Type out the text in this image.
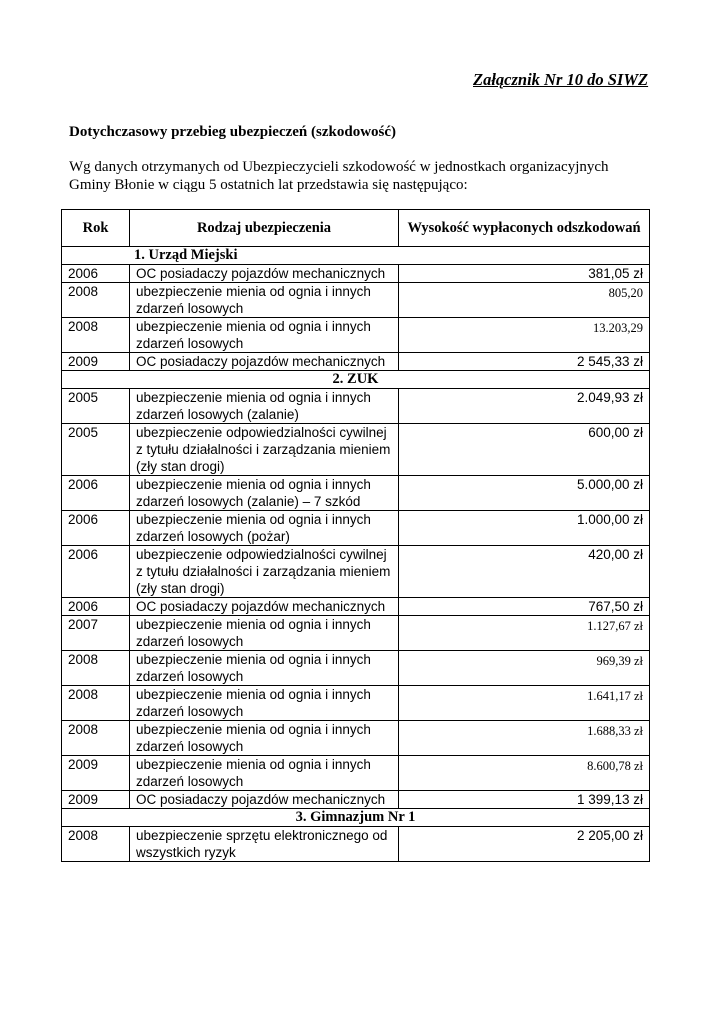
Załącznik Nr 10 do SIWZ
Dotychczasowy przebieg ubezpieczeń (szkodowość)
Wg danych otrzymanych od Ubezpieczycieli szkodowość w jednostkach organizacyjnych
Gminy Błonie w ciągu 5 ostatnich lat przedstawia się następująco:
Rok	Rodzaj ubezpieczenia	Wysokość wypłaconych odszkodowań
1. Urząd Miejski		
2006	OC posiadaczy pojazdów mechanicznych	381,05 zł
2008	ubezpieczenie mienia od ognia i innych zdarzeń losowych	805,20
2008	ubezpieczenie mienia od ognia i innych zdarzeń losowych	13.203,29
2009	OC posiadaczy pojazdów mechanicznych	2 545,33 zł
2. ZUK		
2005	ubezpieczenie mienia od ognia i innych zdarzeń losowych (zalanie)	2.049,93 zł
2005	ubezpieczenie odpowiedzialności cywilnej z tytułu działalności i zarządzania mieniem (zły stan drogi)	600,00 zł
2006	ubezpieczenie mienia od ognia i innych zdarzeń losowych (zalanie) – 7 szkód	5.000,00 zł
2006	ubezpieczenie mienia od ognia i innych zdarzeń losowych (pożar)	1.000,00 zł
2006	ubezpieczenie odpowiedzialności cywilnej z tytułu działalności i zarządzania mieniem (zły stan drogi)	420,00 zł
2006	OC posiadaczy pojazdów mechanicznych	767,50 zł
2007	ubezpieczenie mienia od ognia i innych zdarzeń losowych	1.127,67 zł
2008	ubezpieczenie mienia od ognia i innych zdarzeń losowych	969,39 zł
2008	ubezpieczenie mienia od ognia i innych zdarzeń losowych	1.641,17 zł
2008	ubezpieczenie mienia od ognia i innych zdarzeń losowych	1.688,33 zł
2009	ubezpieczenie mienia od ognia i innych zdarzeń losowych	8.600,78 zł
2009	OC posiadaczy pojazdów mechanicznych	1 399,13 zł
3. Gimnazjum Nr 1		
2008	ubezpieczenie sprzętu elektronicznego od wszystkich ryzyk	2 205,00 zł
